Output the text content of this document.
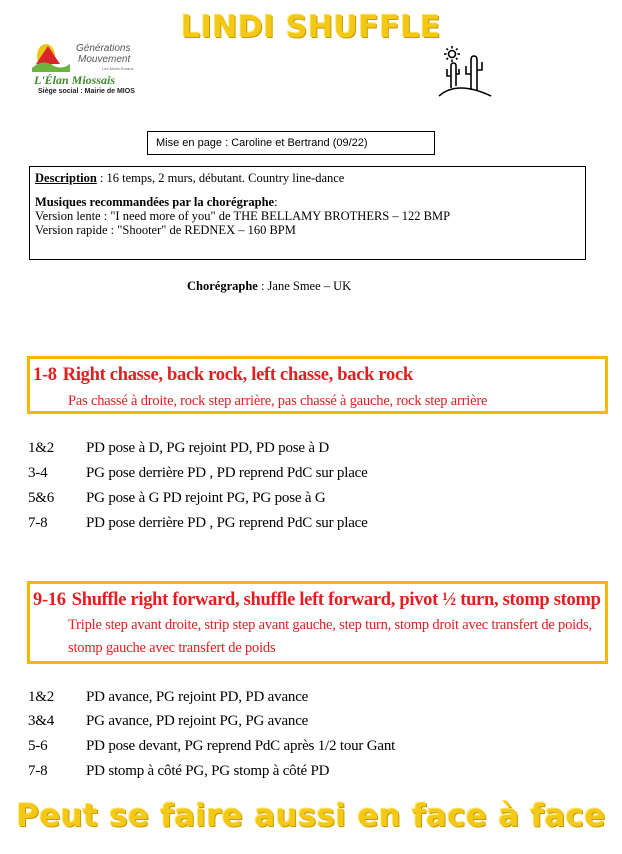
LINDI SHUFFLE
Générations
Mouvement
Les Aînés Ruraux
L'Élan Miossais
Siège social : Mairie de MIOS
Mise en page : Caroline et Bertrand (09/22)
Description : 16 temps, 2 murs, débutant. Country line-dance
Musiques recommandées par la chorégraphe:
Version lente : "I need more of you" de THE BELLAMY BROTHERS – 122 BMP
Version rapide : "Shooter" de REDNEX – 160 BPM
Chorégraphe : Jane Smee – UK
1-8 Right chasse, back rock, left chasse, back rock
Pas chassé à droite, rock step arrière, pas chassé à gauche, rock step arrière
1&2 PD pose à D, PG rejoint PD, PD pose à D
3-4	PG pose derrière PD , PD reprend PdC sur place
5&6 PG pose à G PD rejoint PG, PG pose à G
7-8	PD pose derrière PD , PG reprend PdC sur place
9-16 Shuffle right forward, shuffle left forward, pivot ½ turn, stomp stomp
Triple step avant droite, strip step avant gauche, step turn, stomp droit avec transfert de poids,
stomp gauche avec transfert de poids
1&2 PD avance, PG rejoint PD, PD avance
3&4 PG avance, PD rejoint PG, PG avance
5-6	PD pose devant, PG reprend PdC après 1/2 tour Gant
7-8	PD stomp à côté PG, PG stomp à côté PD
Peut se faire aussi en face à face
